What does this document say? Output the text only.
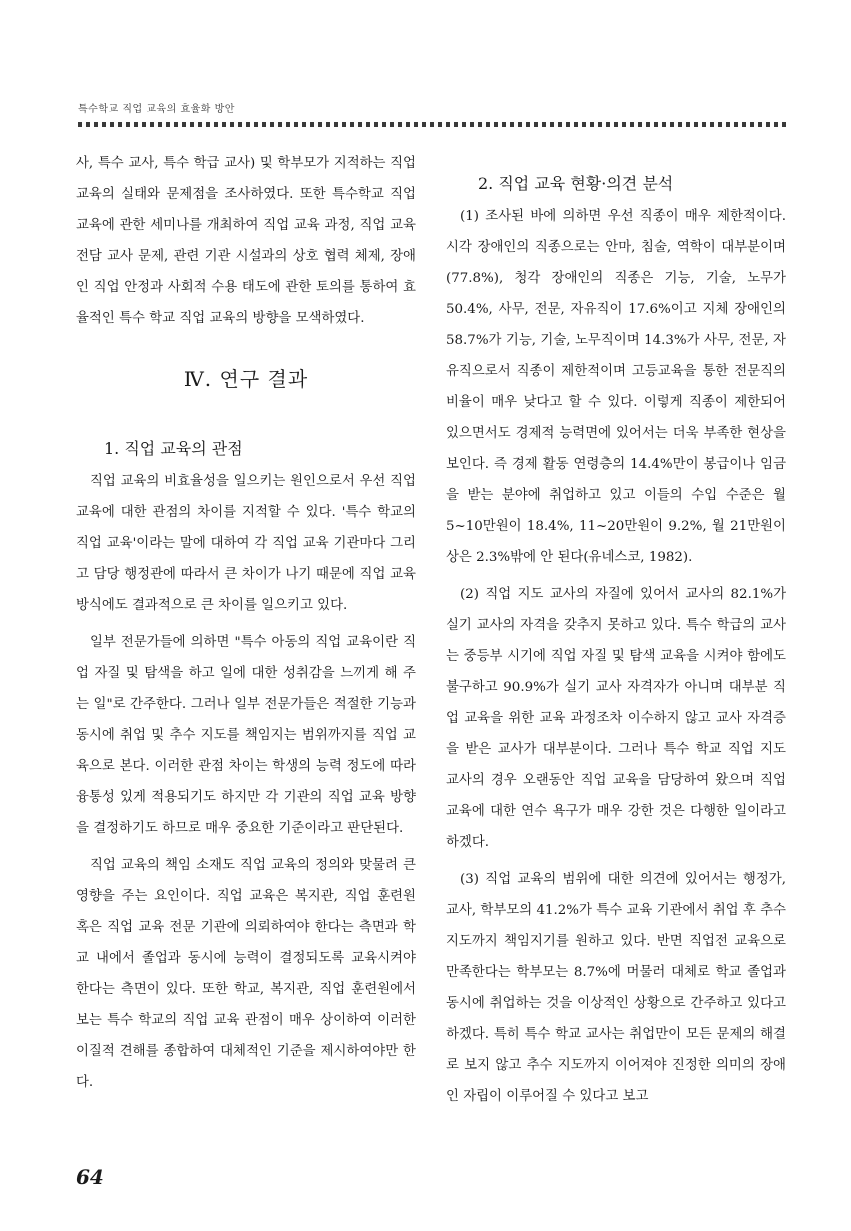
특수학교 직업 교육의 효율화 방안

사, 특수 교사, 특수 학급 교사) 및 학부모가 지적하는 직업 교육의 실태와 문제점을 조사하였다. 또한 특수학교 직업 교육에 관한 세미나를 개최하여 직업 교육 과정, 직업 교육 전담 교사 문제, 관련 기관 시설과의 상호 협력 체제, 장애인 직업 안정과 사회적 수용 태도에 관한 토의를 통하여 효율적인 특수 학교 직업 교육의 방향을 모색하였다.

Ⅳ. 연구 결과
1. 직업 교육의 관점

직업 교육의 비효율성을 일으키는 원인으로서 우선 직업 교육에 대한 관점의 차이를 지적할 수 있다. '특수 학교의 직업 교육'이라는 말에 대하여 각 직업 교육 기관마다 그리고 담당 행정관에 따라서 큰 차이가 나기 때문에 직업 교육 방식에도 결과적으로 큰 차이를 일으키고 있다.

일부 전문가들에 의하면 "특수 아동의 직업 교육이란 직업 자질 및 탐색을 하고 일에 대한 성취감을 느끼게 해 주는 일"로 간주한다. 그러나 일부 전문가들은 적절한 기능과 동시에 취업 및 추수 지도를 책임지는 범위까지를 직업 교육으로 본다. 이러한 관점 차이는 학생의 능력 정도에 따라 융통성 있게 적용되기도 하지만 각 기관의 직업 교육 방향을 결정하기도 하므로 매우 중요한 기준이라고 판단된다.

직업 교육의 책임 소재도 직업 교육의 정의와 맞물려 큰 영향을 주는 요인이다. 직업 교육은 복지관, 직업 훈련원 혹은 직업 교육 전문 기관에 의뢰하여야 한다는 측면과 학교 내에서 졸업과 동시에 능력이 결정되도록 교육시켜야 한다는 측면이 있다. 또한 학교, 복지관, 직업 훈련원에서 보는 특수 학교의 직업 교육 관점이 매우 상이하여 이러한 이질적 견해를 종합하여 대체적인 기준을 제시하여야만 한다.

2. 직업 교육 현황·의견 분석

(1) 조사된 바에 의하면 우선 직종이 매우 제한적이다. 시각 장애인의 직종으로는 안마, 침술, 역학이 대부분이며(77.8%), 청각 장애인의 직종은 기능, 기술, 노무가 50.4%, 사무, 전문, 자유직이 17.6%이고 지체 장애인의 58.7%가 기능, 기술, 노무직이며 14.3%가 사무, 전문, 자유직으로서 직종이 제한적이며 고등교육을 통한 전문직의 비율이 매우 낮다고 할 수 있다. 이렇게 직종이 제한되어 있으면서도 경제적 능력면에 있어서는 더욱 부족한 현상을 보인다. 즉 경제 활동 연령층의 14.4%만이 봉급이나 임금을 받는 분야에 취업하고 있고 이들의 수입 수준은 월 5~10만원이 18.4%, 11~20만원이 9.2%, 월 21만원이상은 2.3%밖에 안 된다(유네스코, 1982).

(2) 직업 지도 교사의 자질에 있어서 교사의 82.1%가 실기 교사의 자격을 갖추지 못하고 있다. 특수 학급의 교사는 중등부 시기에 직업 자질 및 탐색 교육을 시켜야 함에도 불구하고 90.9%가 실기 교사 자격자가 아니며 대부분 직업 교육을 위한 교육 과정조차 이수하지 않고 교사 자격증을 받은 교사가 대부분이다. 그러나 특수 학교 직업 지도 교사의 경우 오랜동안 직업 교육을 담당하여 왔으며 직업 교육에 대한 연수 욕구가 매우 강한 것은 다행한 일이라고 하겠다.

(3) 직업 교육의 범위에 대한 의견에 있어서는 행정가, 교사, 학부모의 41.2%가 특수 교육 기관에서 취업 후 추수 지도까지 책임지기를 원하고 있다. 반면 직업전 교육으로 만족한다는 학부모는 8.7%에 머물러 대체로 학교 졸업과 동시에 취업하는 것을 이상적인 상황으로 간주하고 있다고 하겠다. 특히 특수 학교 교사는 취업만이 모든 문제의 해결로 보지 않고 추수 지도까지 이어져야 진정한 의미의 장애인 자립이 이루어질 수 있다고 보고

64
